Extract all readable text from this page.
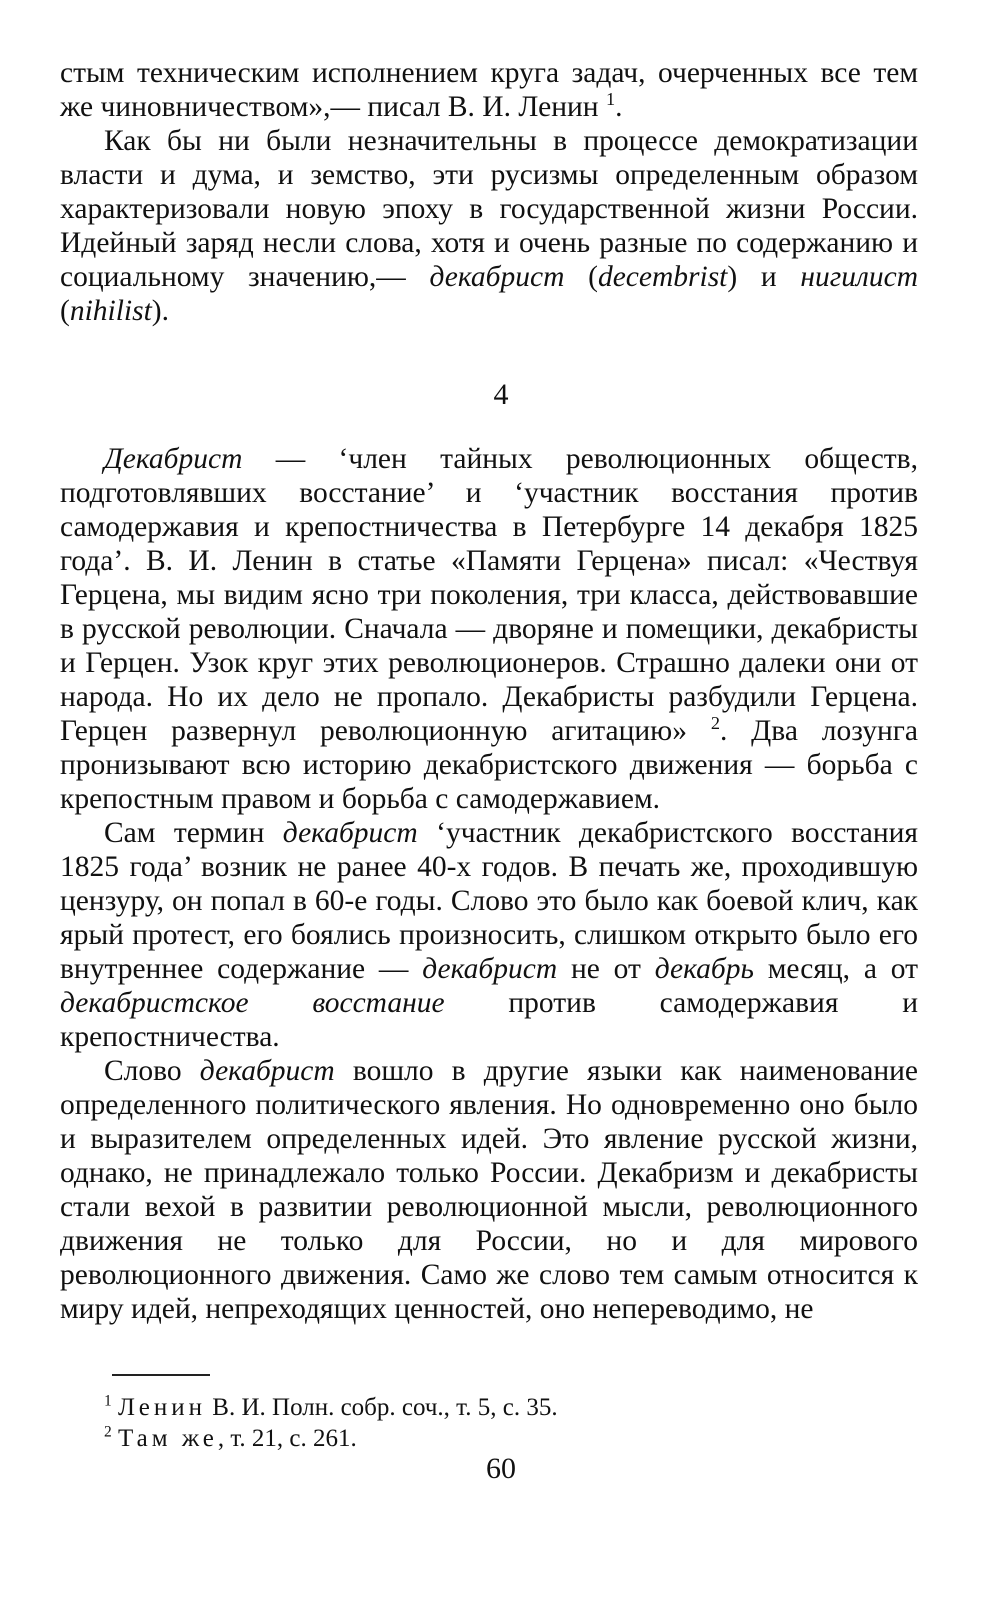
стым техническим исполнением круга задач, очерченных все тем же чиновничеством»,— писал В. И. Ленин $^1$.

Как бы ни были незначительны в процессе демократизации власти и дума, и земство, эти русизмы определенным образом характеризовали новую эпоху в государственной жизни России. Идейный заряд несли слова, хотя и очень разные по содержанию и социальному значению,— декабрист (decembrist) и нигилист (nihilist).

4

Декабрист — ‘член тайных революционных обществ, подготовлявших восстание’ и ‘участник восстания против самодержавия и крепостничества в Петербурге 14 декабря 1825 года’. В. И. Ленин в статье «Памяти Герцена» писал: «Чествуя Герцена, мы видим ясно три поколения, три класса, действовавшие в русской революции. Сначала — дворяне и помещики, декабристы и Герцен. Узок круг этих революционеров. Страшно далеки они от народа. Но их дело не пропало. Декабристы разбудили Герцена. Герцен развернул революционную агитацию» $^2$. Два лозунга пронизывают всю историю декабристского движения — борьба с крепостным правом и борьба с самодержавием.

Сам термин декабрист ‘участник декабристского восстания 1825 года’ возник не ранее 40-х годов. В печать же, проходившую цензуру, он попал в 60-е годы. Слово это было как боевой клич, как ярый протест, его боялись произносить, слишком открыто было его внутреннее содержание — декабрист не от декабрь месяц, а от декабристское восстание против самодержавия и крепостничества.

Слово декабрист вошло в другие языки как наименование определенного политического явления. Но одновременно оно было и выразителем определенных идей. Это явление русской жизни, однако, не принадлежало только России. Декабризм и декабристы стали вехой в развитии революционной мысли, революционного движения не только для России, но и для мирового революционного движения. Само же слово тем самым относится к миру идей, непреходящих ценностей, оно непереводимо, не

$^1$ Ленин В. И. Полн. собр. соч., т. 5, с. 35.
$^2$ Там же, т. 21, с. 261.
60
